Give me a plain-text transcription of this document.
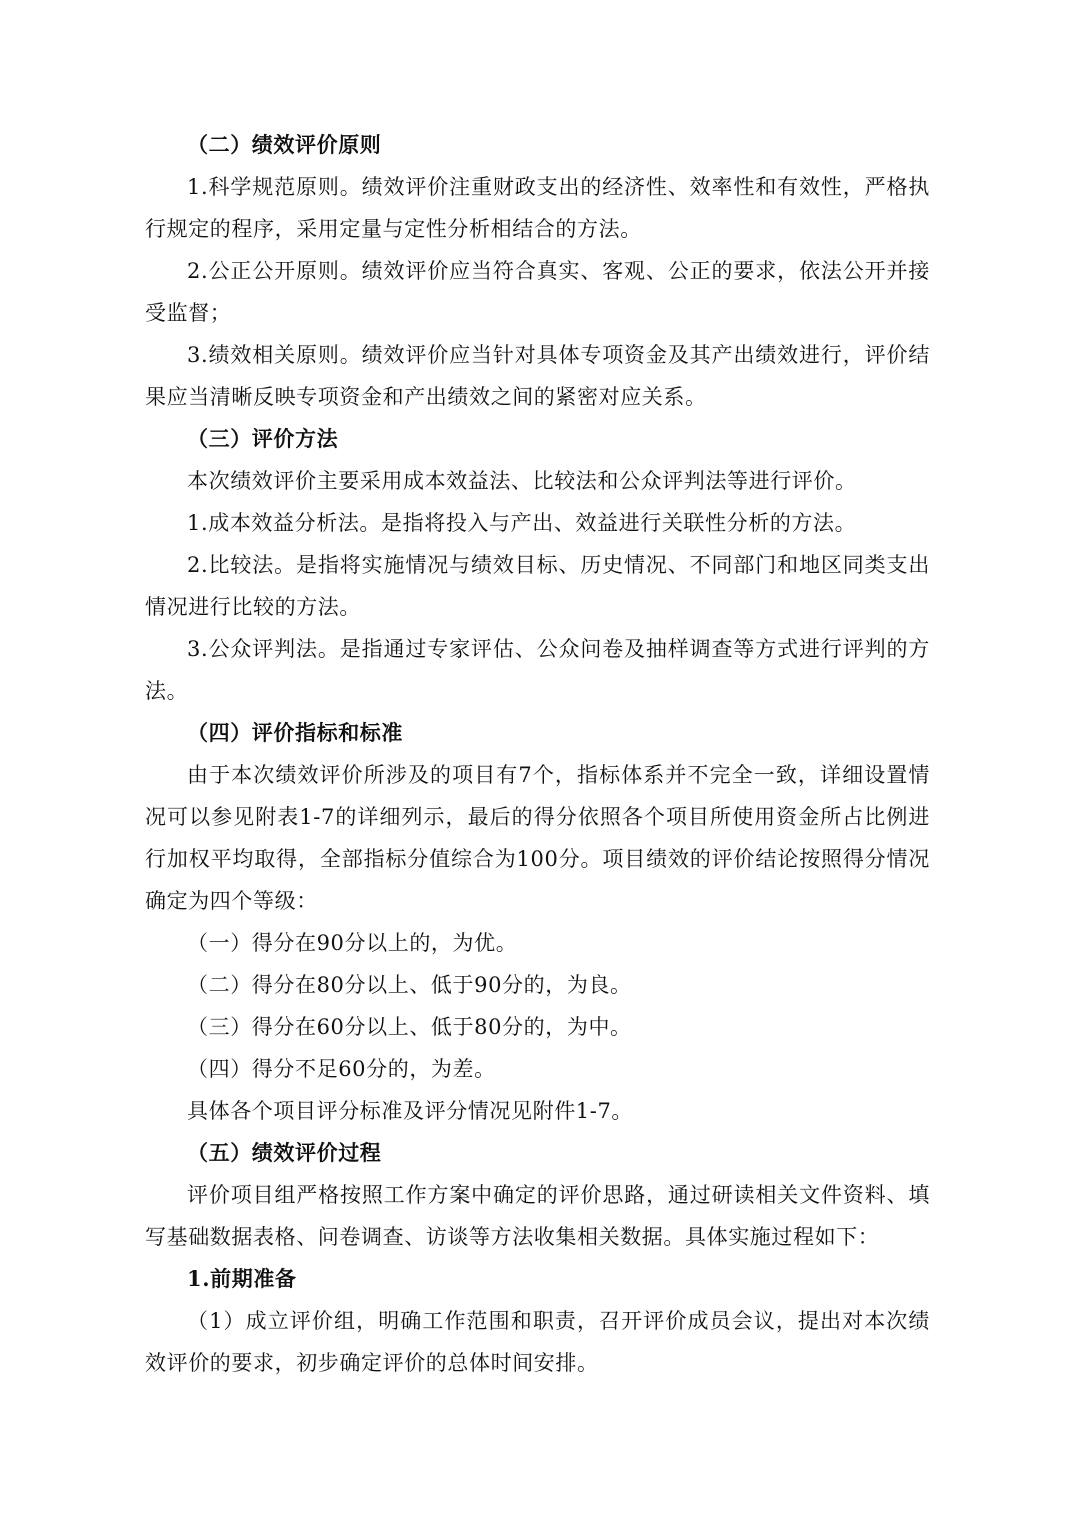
（二）绩效评价原则
1.科学规范原则。绩效评价注重财政支出的经济性、效率性和有效性，严格执
行规定的程序，采用定量与定性分析相结合的方法。
2.公正公开原则。绩效评价应当符合真实、客观、公正的要求，依法公开并接
受监督；
3.绩效相关原则。绩效评价应当针对具体专项资金及其产出绩效进行，评价结
果应当清晰反映专项资金和产出绩效之间的紧密对应关系。
（三）评价方法
本次绩效评价主要采用成本效益法、比较法和公众评判法等进行评价。
1.成本效益分析法。是指将投入与产出、效益进行关联性分析的方法。
2.比较法。是指将实施情况与绩效目标、历史情况、不同部门和地区同类支出
情况进行比较的方法。
3.公众评判法。是指通过专家评估、公众问卷及抽样调查等方式进行评判的方
法。
（四）评价指标和标准
由于本次绩效评价所涉及的项目有7个，指标体系并不完全一致，详细设置情
况可以参见附表1-7的详细列示，最后的得分依照各个项目所使用资金所占比例进
行加权平均取得，全部指标分值综合为100分。项目绩效的评价结论按照得分情况
确定为四个等级：
（一）得分在90分以上的，为优。
（二）得分在80分以上、低于90分的，为良。
（三）得分在60分以上、低于80分的，为中。
（四）得分不足60分的，为差。
具体各个项目评分标准及评分情况见附件1-7。
（五）绩效评价过程
评价项目组严格按照工作方案中确定的评价思路，通过研读相关文件资料、填
写基础数据表格、问卷调查、访谈等方法收集相关数据。具体实施过程如下：
1.前期准备
（1）成立评价组，明确工作范围和职责，召开评价成员会议，提出对本次绩
效评价的要求，初步确定评价的总体时间安排。
